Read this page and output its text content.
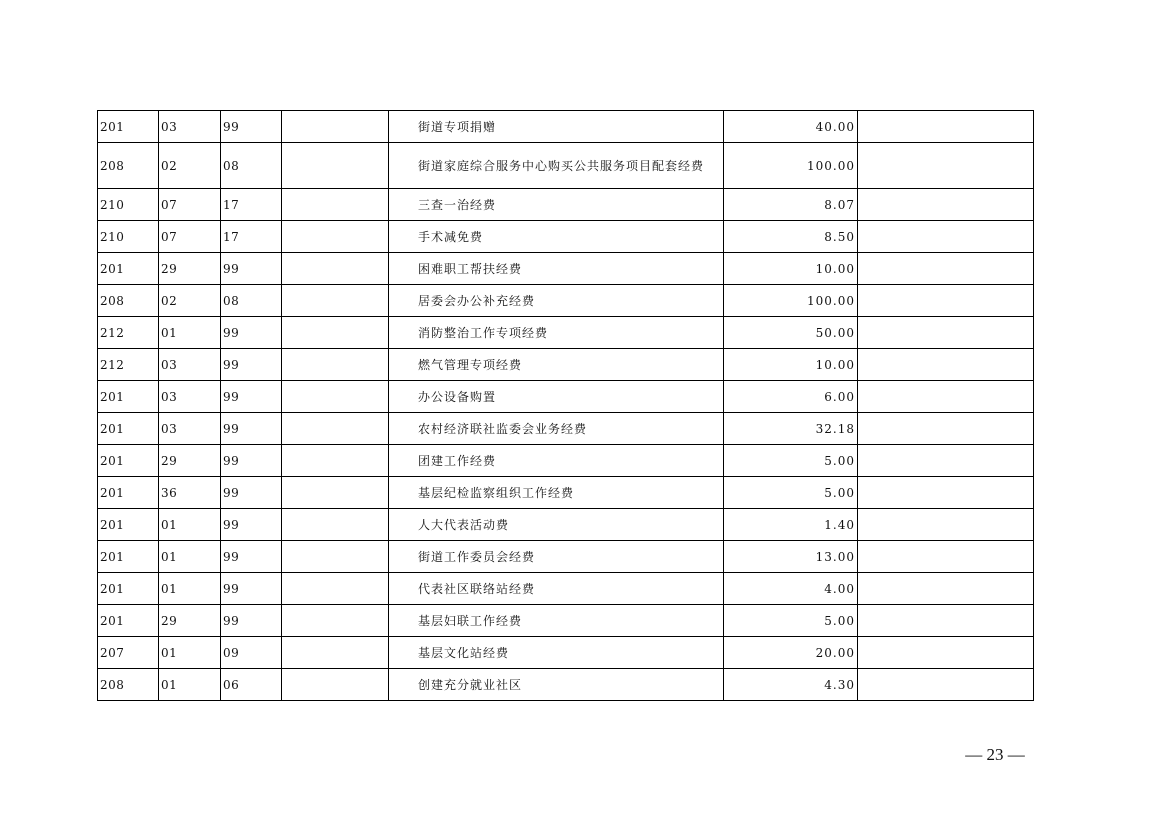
201	03	99		街道专项捐赠	40.00	
208	02	08		街道家庭综合服务中心购买公共服务项目配套经费	100.00	
210	07	17		三查一治经费	8.07	
210	07	17		手术减免费	8.50	
201	29	99		困难职工帮扶经费	10.00	
208	02	08		居委会办公补充经费	100.00	
212	01	99		消防整治工作专项经费	50.00	
212	03	99		燃气管理专项经费	10.00	
201	03	99		办公设备购置	6.00	
201	03	99		农村经济联社监委会业务经费	32.18	
201	29	99		团建工作经费	5.00	
201	36	99		基层纪检监察组织工作经费	5.00	
201	01	99		人大代表活动费	1.40	
201	01	99		街道工作委员会经费	13.00	
201	01	99		代表社区联络站经费	4.00	
201	29	99		基层妇联工作经费	5.00	
207	01	09		基层文化站经费	20.00	
208	01	06		创建充分就业社区	4.30	
— 23 —
